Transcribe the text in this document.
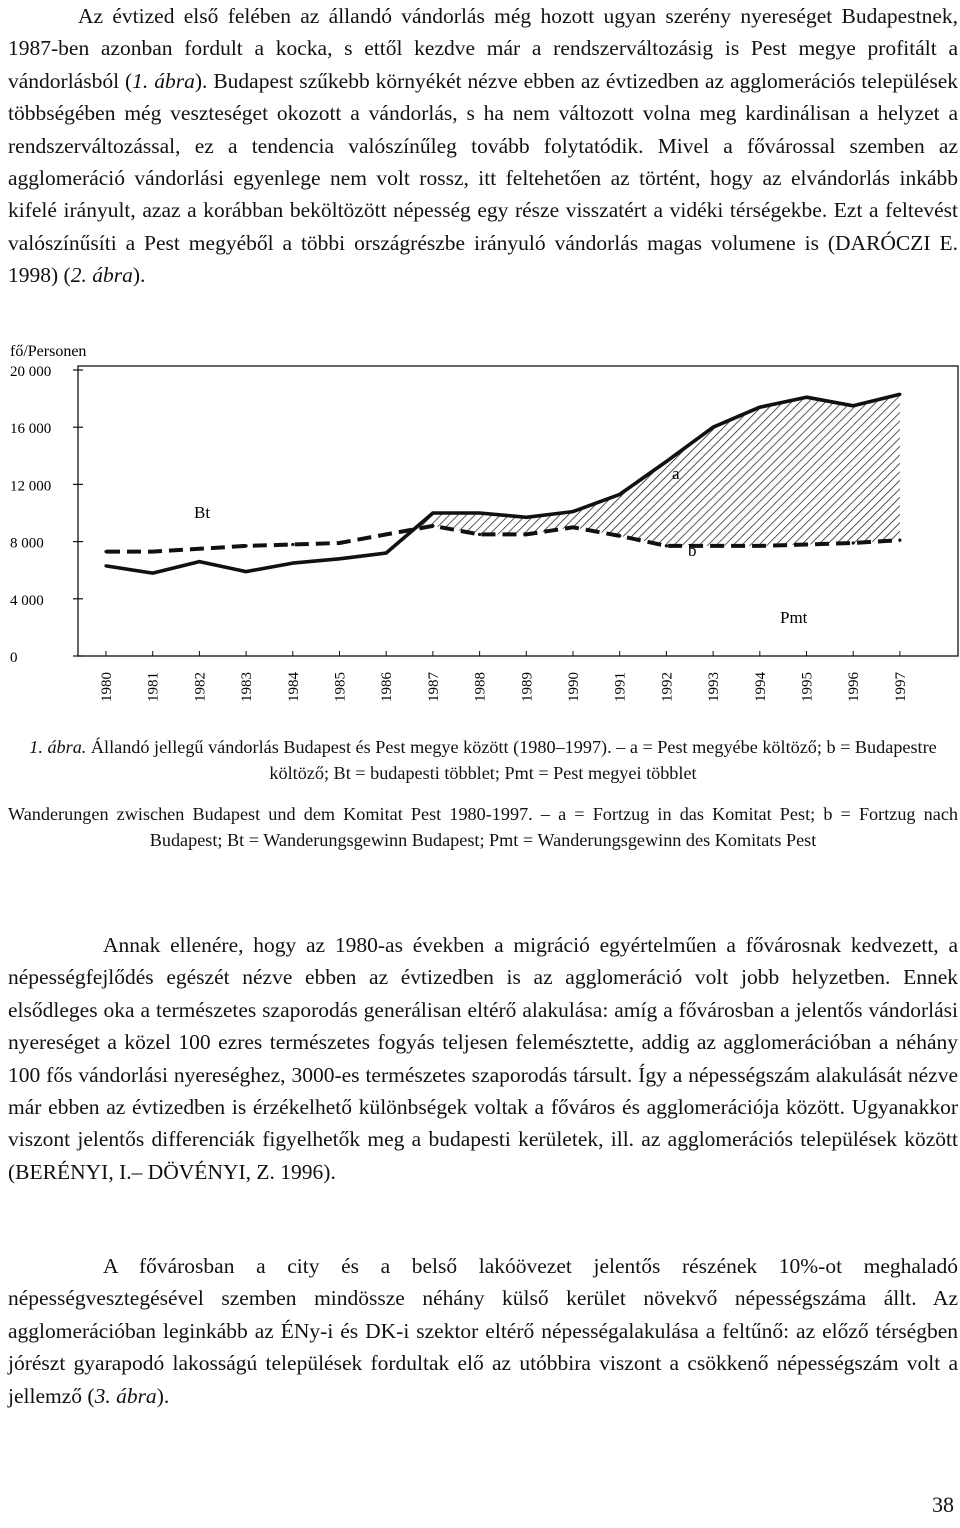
Az évtized első felében az állandó vándorlás még hozott ugyan szerény nyereséget Budapestnek, 1987-ben azonban fordult a kocka, s ettől kezdve már a rendszerváltozásig is Pest megye profitált a vándorlásból (1. ábra). Budapest szűkebb környékét nézve ebben az évtizedben az agglomerációs települések többségében még veszteséget okozott a vándorlás, s ha nem változott volna meg kardinálisan a helyzet a rendszerváltozással, ez a tendencia valószínűleg tovább folytatódik. Mivel a fővárossal szemben az agglomeráció vándorlási egyenlege nem volt rossz, itt feltehetően az történt, hogy az elvándorlás inkább kifelé irányult, azaz a korábban beköltözött népesség egy része visszatért a vidéki térségekbe. Ezt a feltevést valószínűsíti a Pest megyéből a többi országrészbe irányuló vándorlás magas volumene is (DARÓCZI E. 1998) (2. ábra).

0
4 000
8 000
12 000
16 000
20 000
1980 1981 1982 1983 1984 1985 1986 1987 1988 1989 1990 1991 1992 1993 1994 1995 1996 1997
fő/Personen
Bt
a
b
Pmt

1. ábra. Állandó jellegű vándorlás Budapest és Pest megye között (1980–1997). – a = Pest megyébe költöző; b = Budapestre költöző; Bt = budapesti többlet; Pmt = Pest megyei többlet

Wanderungen zwischen Budapest und dem Komitat Pest 1980-1997. – a = Fortzug in das Komitat Pest; b = Fortzug nach Budapest; Bt = Wanderungsgewinn Budapest; Pmt = Wanderungsgewinn des Komitats Pest

Annak ellenére, hogy az 1980-as években a migráció egyértelműen a fővárosnak kedvezett, a népességfejlődés egészét nézve ebben az évtizedben is az agglomeráció volt jobb helyzetben. Ennek elsődleges oka a természetes szaporodás generálisan eltérő alakulása: amíg a fővárosban a jelentős vándorlási nyereséget a közel 100 ezres természetes fogyás teljesen felemésztette, addig az agglomerációban a néhány 100 fős vándorlási nyereséghez, 3000-es természetes szaporodás társult. Így a népességszám alakulását nézve már ebben az évtizedben is érzékelhető különbségek voltak a főváros és agglomerációja között. Ugyanakkor viszont jelentős differenciák figyelhetők meg a budapesti kerületek, ill. az agglomerációs települések között (BERÉNYI, I.– DÖVÉNYI, Z. 1996).

A fővárosban a city és a belső lakóövezet jelentős részének 10%-ot meghaladó népességvesztegésével szemben mindössze néhány külső kerület növekvő népességszáma állt. Az agglomerációban leginkább az ÉNy-i és DK-i szektor eltérő népességalakulása a feltűnő: az előző térségben jórészt gyarapodó lakosságú települések fordultak elő az utóbbira viszont a csökkenő népességszám volt a jellemző (3. ábra).

38
